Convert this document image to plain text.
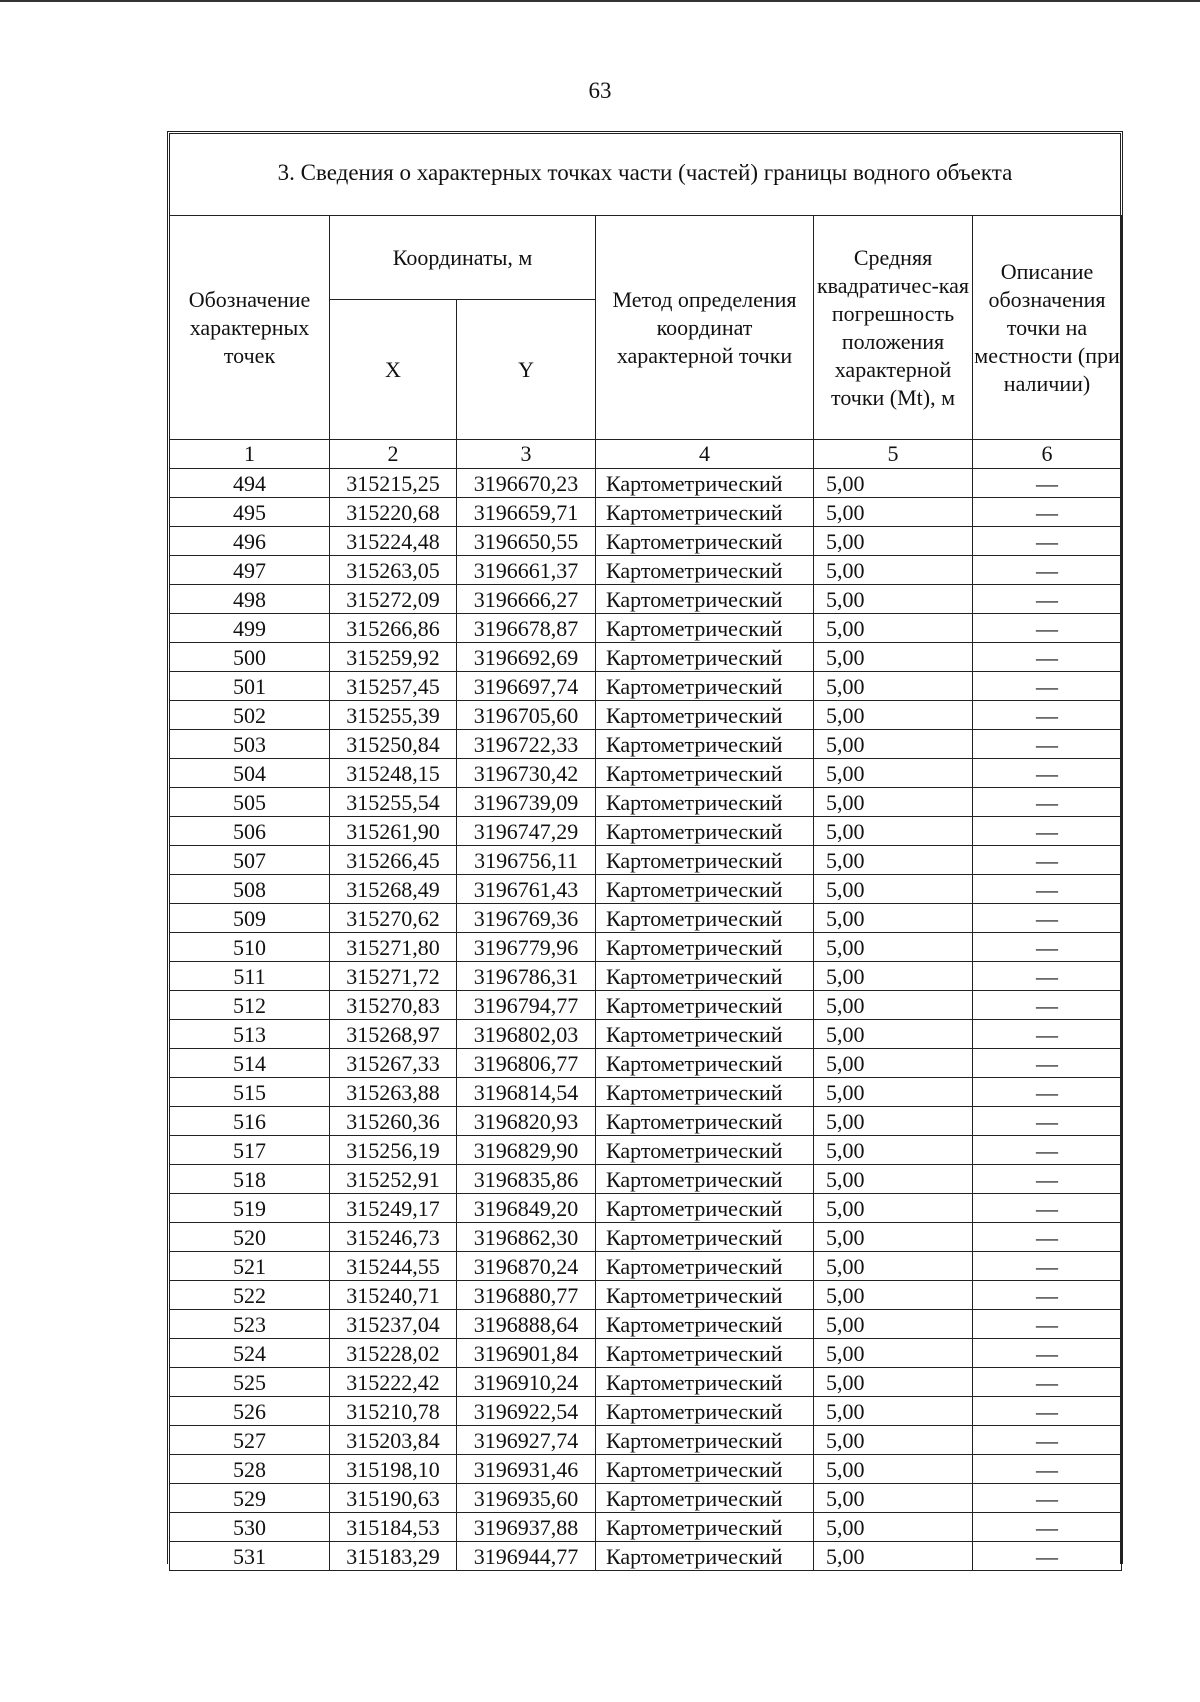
63
3. Сведения о характерных точках части (частей) границы водного объекта
Обозначение характерных точек	Координаты, м		Метод определения координат характерной точки	Средняя квадратичес-кая погрешность положения характерной точки (Mt), м	Описание обозначения точки на местности (при наличии)
	X	Y			
1	2	3	4	5	6
494	315215,25	3196670,23	Картометрический	5,00	—
495	315220,68	3196659,71	Картометрический	5,00	—
496	315224,48	3196650,55	Картометрический	5,00	—
497	315263,05	3196661,37	Картометрический	5,00	—
498	315272,09	3196666,27	Картометрический	5,00	—
499	315266,86	3196678,87	Картометрический	5,00	—
500	315259,92	3196692,69	Картометрический	5,00	—
501	315257,45	3196697,74	Картометрический	5,00	—
502	315255,39	3196705,60	Картометрический	5,00	—
503	315250,84	3196722,33	Картометрический	5,00	—
504	315248,15	3196730,42	Картометрический	5,00	—
505	315255,54	3196739,09	Картометрический	5,00	—
506	315261,90	3196747,29	Картометрический	5,00	—
507	315266,45	3196756,11	Картометрический	5,00	—
508	315268,49	3196761,43	Картометрический	5,00	—
509	315270,62	3196769,36	Картометрический	5,00	—
510	315271,80	3196779,96	Картометрический	5,00	—
511	315271,72	3196786,31	Картометрический	5,00	—
512	315270,83	3196794,77	Картометрический	5,00	—
513	315268,97	3196802,03	Картометрический	5,00	—
514	315267,33	3196806,77	Картометрический	5,00	—
515	315263,88	3196814,54	Картометрический	5,00	—
516	315260,36	3196820,93	Картометрический	5,00	—
517	315256,19	3196829,90	Картометрический	5,00	—
518	315252,91	3196835,86	Картометрический	5,00	—
519	315249,17	3196849,20	Картометрический	5,00	—
520	315246,73	3196862,30	Картометрический	5,00	—
521	315244,55	3196870,24	Картометрический	5,00	—
522	315240,71	3196880,77	Картометрический	5,00	—
523	315237,04	3196888,64	Картометрический	5,00	—
524	315228,02	3196901,84	Картометрический	5,00	—
525	315222,42	3196910,24	Картометрический	5,00	—
526	315210,78	3196922,54	Картометрический	5,00	—
527	315203,84	3196927,74	Картометрический	5,00	—
528	315198,10	3196931,46	Картометрический	5,00	—
529	315190,63	3196935,60	Картометрический	5,00	—
530	315184,53	3196937,88	Картометрический	5,00	—
531	315183,29	3196944,77	Картометрический	5,00	—
